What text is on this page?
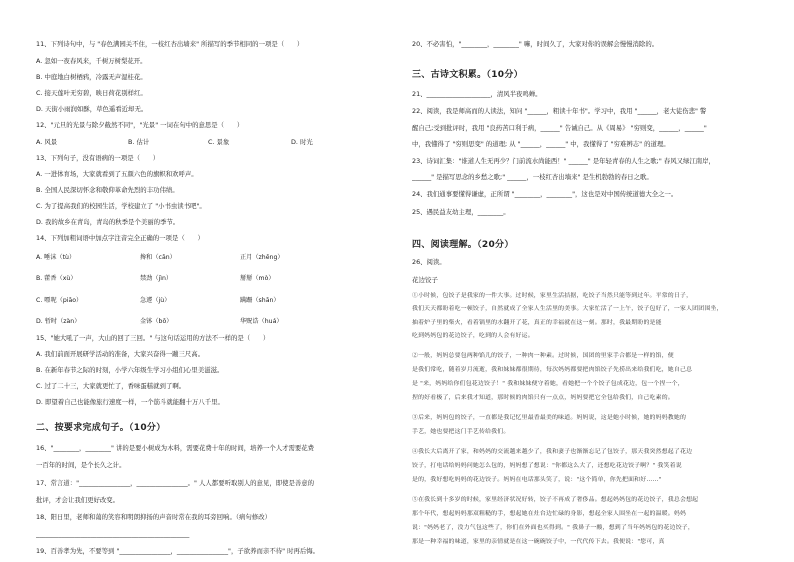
11、下列诗句中，与 "春色满园关不住，一枝红杏出墙来" 所描写的季节相同的一项是（　　）
A. 忽如一夜春风来，千树万树梨花开。
B. 中庭地白树栖鸦，冷露无声湿桂花。
C. 接天莲叶无穷碧，映日荷花别样红。
D. 天街小雨润如酥，草色遥看近却无。
12、"元旦的光景与除夕截然不同"，"光景" 一词在句中的意思是（　　）
A. 风景	B. 估计	C. 景象	D. 时光
13、下列句子，没有语病的一项是（　　）
A. 一进体育场，大家就看到了五颜六色的旗帜和欢呼声。
B. 全国人民深切怀念和敬仰革命先烈的丰功伟绩。
C. 为了提高我们的校园生活，学校建立了 "小书虫读书吧"。
D. 我的故乡在青岛，青岛的秋季是个美丽的季节。
14、下列加粗词语中加点字注音完全正确的一项是（　　）
A. 唾沫（tù）	搀和（cān）	正月（zhēng）
B. 藿香（xù）	禁劲（jìn）	掰掰（mò）
C. 嘌呢（piāo）	急遽（jù）	蹒跚（shān）
D. 暂时（zàn）	金钵（bō）	华贶诰（huá）
15、"她大吼了一声，大山的回了三回。" 与这句话运用的方法不一样的是（　　）
A. 我们前面开展研学活动的准备，大家兴奋得一蹦三尺高。
B. 在新年春节之际的时刻，小学六年级生学习小组们心里美滋滋。
C. 过了二十三，大家就更忙了，香味蛋糕就到了啊。
D. 即望着自己也能像旅行速度一样，一个筋斗就能翻十万八千里。
二、按要求完成句子。（10分）
16、"________，________" 讲的是要小树成为木料，需要花费十年的时间，培养一个人才需要花费
一百年的时间，是个长久之计。
17、常言道："________________，________________。" 人人都要听取别人的意见，即使是善意的
批评，才会让我们更好改变。
18、阳日里，老师和蔼的笑容和明朗抑扬的声音时常在我的耳旁回响。（病句修改）
________________________________________________
19、百善孝为先，不要等到 "________________，________________"，子欲养而亲不待" 时再后悔。
20、不必害怕，"________，________" 嘛，时间久了，大家对你的误解会慢慢消除的。
三、古诗文积累。（10分）
21、____________________，清风半夜鸣蝉。
22、阅读，我是师高而的人读法，知问 "______，粗读十年书"。学习中，我用 "______，老大徒伤悲" 警
醒自己;受到批评时，我用 "良药苦口利于病，______" 告诫自己。从《周易》 "穷则变，______，______"
中，我懂得了 "穷则思变" 的道理; 从 "______，______" 中，我懂得了 "穷难辨志" 的道理。
23、诗词汇集："谁道人生无再少？门前流水尚能西！" ______" 是年轻青春的人生之歌;" 春风又绿江南岸，
______" 是描写思念的乡愁之歌;" ______，一枝红杏出墙来" 是生机勃勃的春日之歌。
24、我们通事要懂得谦虚，正所谓 "________，________"，这也是对中国传统道德大全之一。
25、遇民益友幼主理，________。
四、阅读理解。（20分）
26、阅读。
花边饺子
①小时候，包饺子是我家的一件大事。过时候，家里生活拮据，吃饺子当然只能等到过年。平常的日子，
我们天天都盼着吃一顿饺子，自然就成了全家人生活里的美事。大家忙活了一上午，饺子包好了，一家人团团围坐，
抽着炉子里的柴火，看着锅里的水翻开了花，真正的幸福就在这一刻。那时，我最期盼的是能
吃到妈妈包的花边饺子，吃到的人会有好运。
②一般，妈妈总要包两种馅儿的饺子，一种肉一种素。过时候，国团的里家手合都是一样的馅，便
是我们常吃，随着岁月流逝，我和妹妹都很期待，每次妈妈都要把肉馅饺子先捞出来给我们吃，她自己总
是 "来，妈妈给你们包花边饺子！" 我和妹妹便守着她，看她把一个个饺子包成花边，包一个捏一个，
捏的好看极了，后来我才知道，那时候的肉馅只有一点点，妈妈要把它全包给我们，自己吃素的。
③后来，妈妈包的饺子，一直都是我记忆里最香最美的味道。妈妈说，这是她小时候，她的妈妈教她的
手艺，她也要把这门手艺传给我们。
④我长大后离开了家，和妈妈的交流越来越少了，我和妻子也渐渐忘记了包饺子，那天我突然想起了花边
饺子，打电话给妈妈问她怎么包的，妈妈想了想说："你都这么大了，还想吃花边饺子啊？" 我笑着说
是的，我好想吃妈妈的花边饺子。妈妈在电话那头笑了，说："这个简单，你先把面和好……"
⑤在我长到十多岁的时候，家里经济状况好转，饺子不再成了奢侈品。想起妈妈包的花边饺子，我总会想起
那个年代，想起妈妈那双粗糙的手，想起她在灶台边忙碌的身影，想起全家人围坐在一起的温暖。妈妈
说："妈妈老了，没力气包这些了，你们在外面也买得到。" 我鼻子一酸，想到了当年妈妈包的花边饺子，
那是一种幸福的味道，家里的亲情就是在这一碗碗饺子中，一代代传下去。我便说："您可，真
